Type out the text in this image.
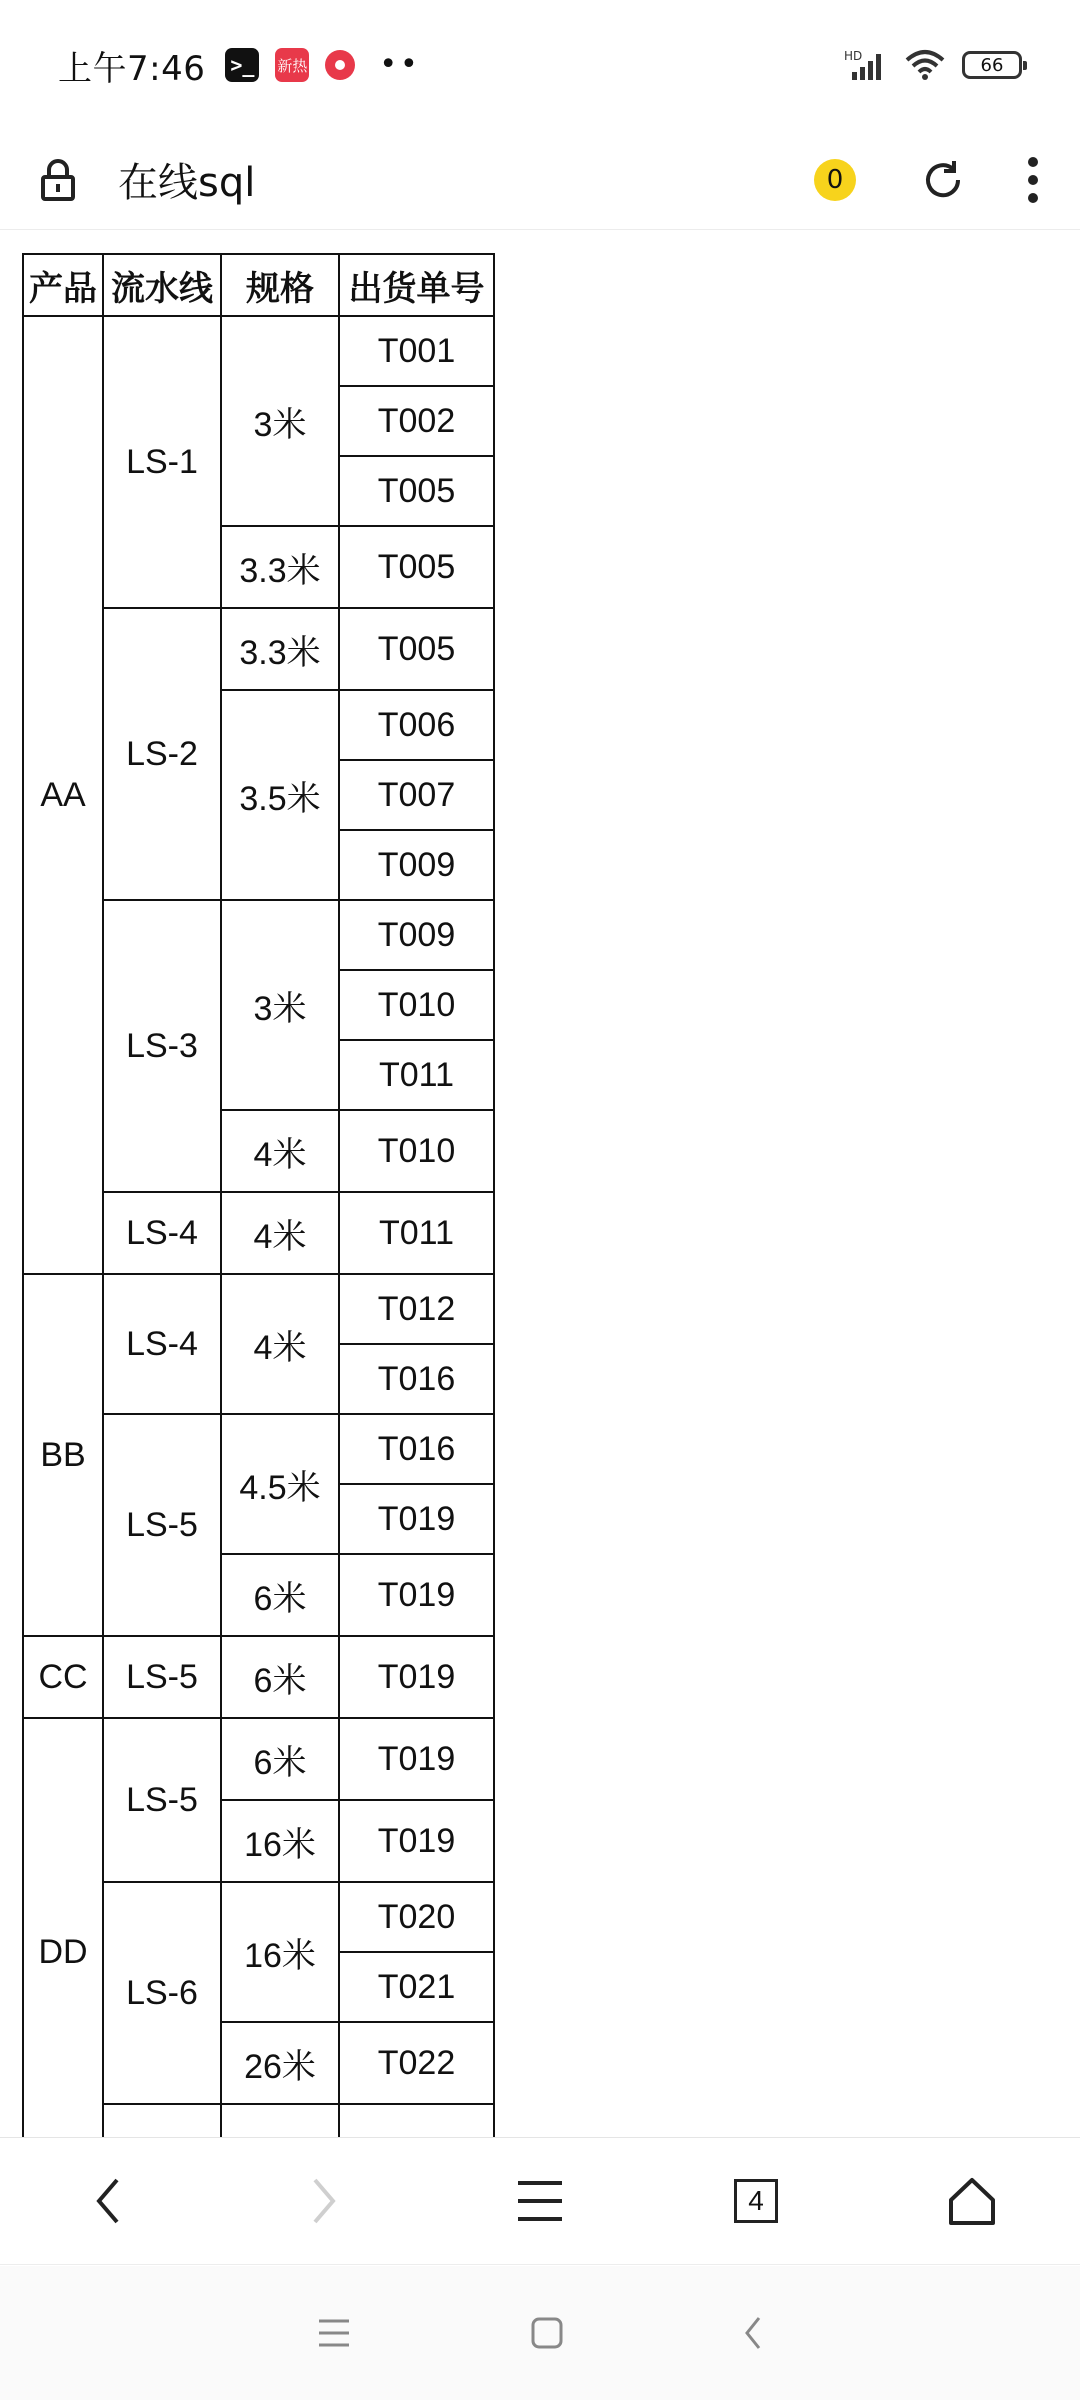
上午7:46 >_	新热 ••	HD	66
在线sql	0
产品	流水线	规格	出货单号
AA	LS-1	3米	T001
			T002
			T005
		3.3米	T005
	LS-2	3.3米	T005
		3.5米	T006
			T007
			T009
	LS-3	3米	T009
			T010
			T011
		4米	T010
	LS-4	4米	T011
BB	LS-4	4米	T012
			T016
	LS-5	4.5米	T016
			T019
		6米	T019
CC	LS-5	6米	T019
DD	LS-5	6米	T019
		16米	T019
	LS-6	16米	T020
			T021
		26米	T022

4
